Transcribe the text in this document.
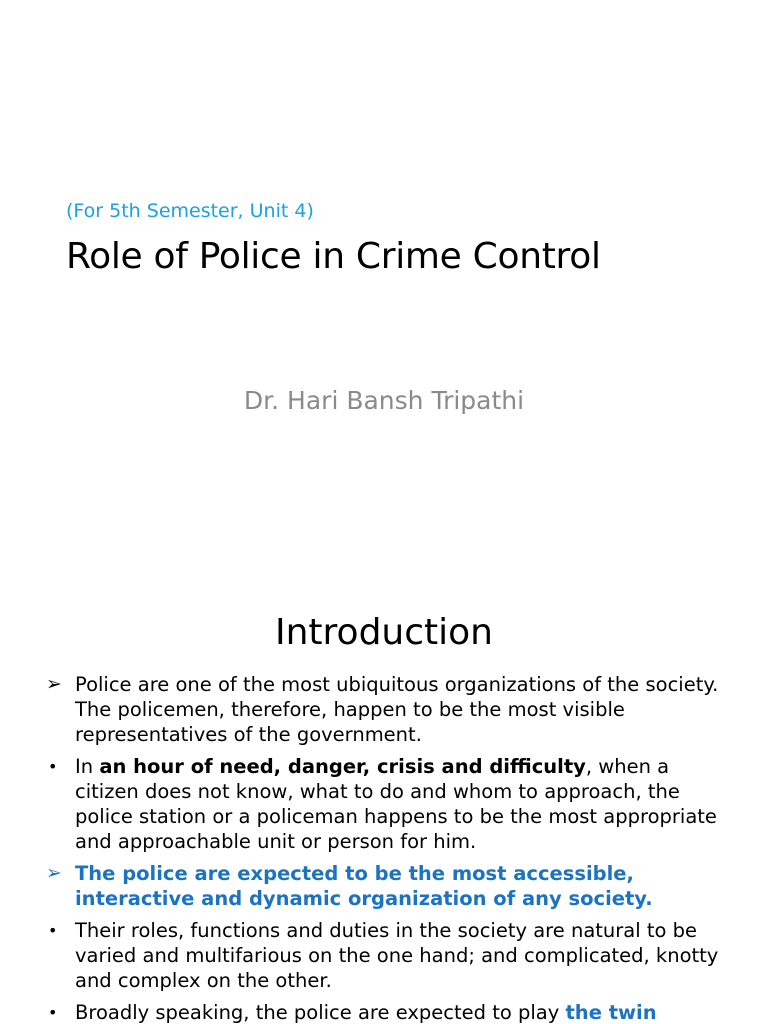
(For 5th Semester, Unit 4)
Role of Police in Crime Control
Dr. Hari Bansh Tripathi
Introduction
➢ Police are one of the most ubiquitous organizations of the society. The policemen, therefore, happen to be the most visible representatives of the government.
• In an hour of need, danger, crisis and difficulty, when a citizen does not know, what to do and whom to approach, the police station or a policeman happens to be the most appropriate and approachable unit or person for him.
➢ The police are expected to be the most accessible, interactive and dynamic organization of any society.
• Their roles, functions and duties in the society are natural to be varied and multifarious on the one hand; and complicated, knotty and complex on the other.
• Broadly speaking, the police are expected to play the twin
